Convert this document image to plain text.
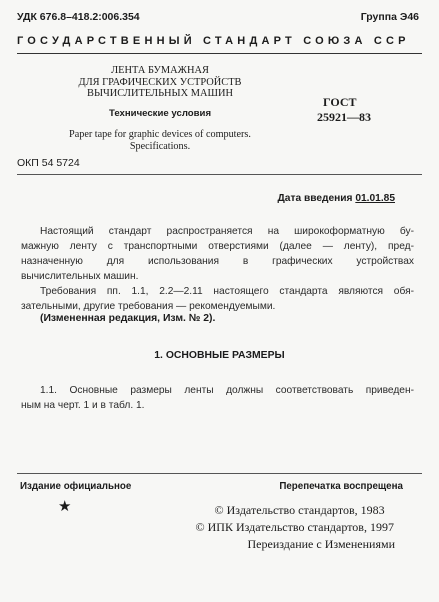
УДК 676.8–418.2:006.354	Группа Э46
ГОСУДАРСТВЕННЫЙ СТАНДАРТ СОЮЗА ССР
ЛЕНТА БУМАЖНАЯ
ДЛЯ ГРАФИЧЕСКИХ УСТРОЙСТВ
ВЫЧИСЛИТЕЛЬНЫХ МАШИН
Технические условия
Paper tape for graphic devices of computers.
Specifications.
ГОСТ
25921—83
ОКП 54 5724
Дата введения 01.01.85
Настоящий стандарт распространяется на широкоформатную бу-
мажную ленту с транспортными отверстиями (далее — ленту), пред-
назначенную для использования в графических устройствах
вычислительных машин.
Требования пп. 1.1, 2.2—2.11 настоящего стандарта являются обя-
зательными, другие требования — рекомендуемыми.
(Измененная редакция, Изм. № 2).
1. ОСНОВНЫЕ РАЗМЕРЫ
1.1. Основные размеры ленты должны соответствовать приведен-
ным на черт. 1 и в табл. 1.
Издание официальное	Перепечатка воспрещена
★	© Издательство стандартов, 1983
© ИПК Издательство стандартов, 1997
Переиздание с Изменениями
